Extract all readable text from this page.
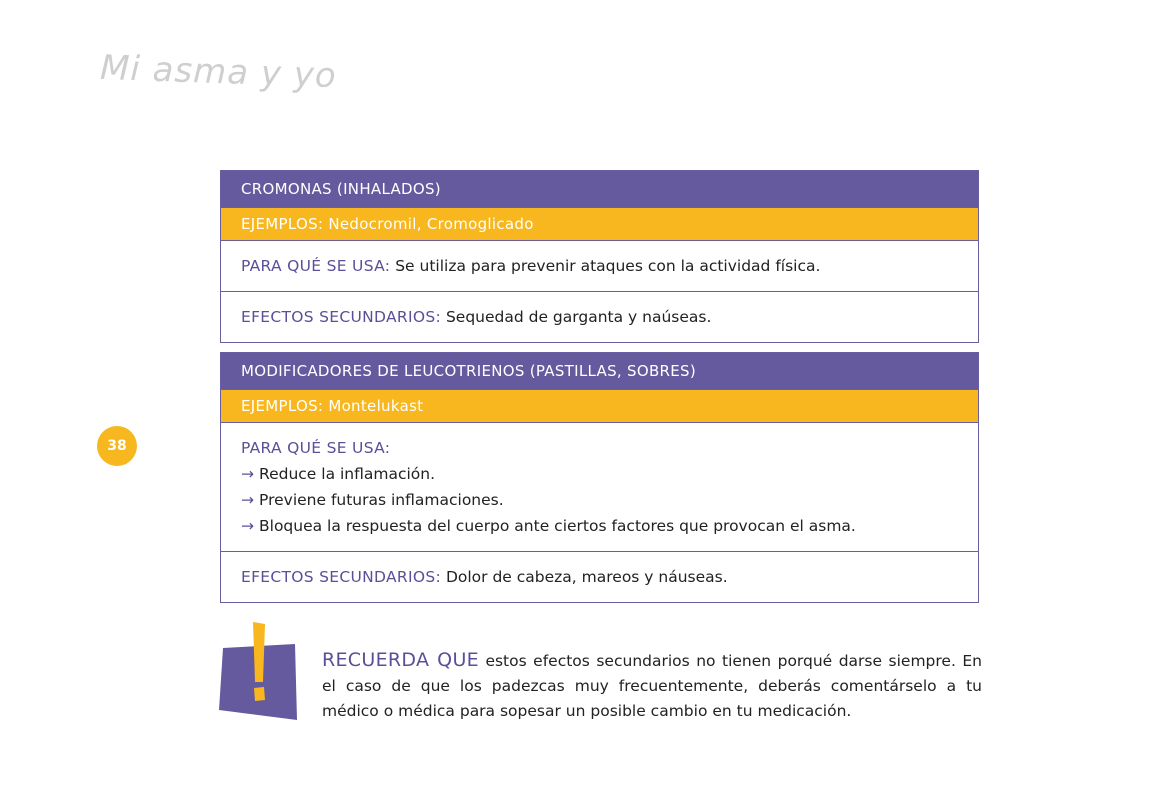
Mi asma y yo
38
CROMONAS (INHALADOS)
EJEMPLOS: Nedocromil, Cromoglicado
PARA QUÉ SE USA: Se utiliza para prevenir ataques con la actividad física.
EFECTOS SECUNDARIOS: Sequedad de garganta y naúseas.
MODIFICADORES DE LEUCOTRIENOS (PASTILLAS, SOBRES)
EJEMPLOS: Montelukast
PARA QUÉ SE USA:
→ Reduce la inflamación.
→ Previene futuras inflamaciones.
→ Bloquea la respuesta del cuerpo ante ciertos factores que provocan el asma.
EFECTOS SECUNDARIOS: Dolor de cabeza, mareos y náuseas.
RECUERDA QUE estos efectos secundarios no tienen porqué darse siempre. En el caso de que los padezcas muy frecuentemente, deberás comentárselo a tu médico o médica para sopesar un posible cambio en tu medicación.
